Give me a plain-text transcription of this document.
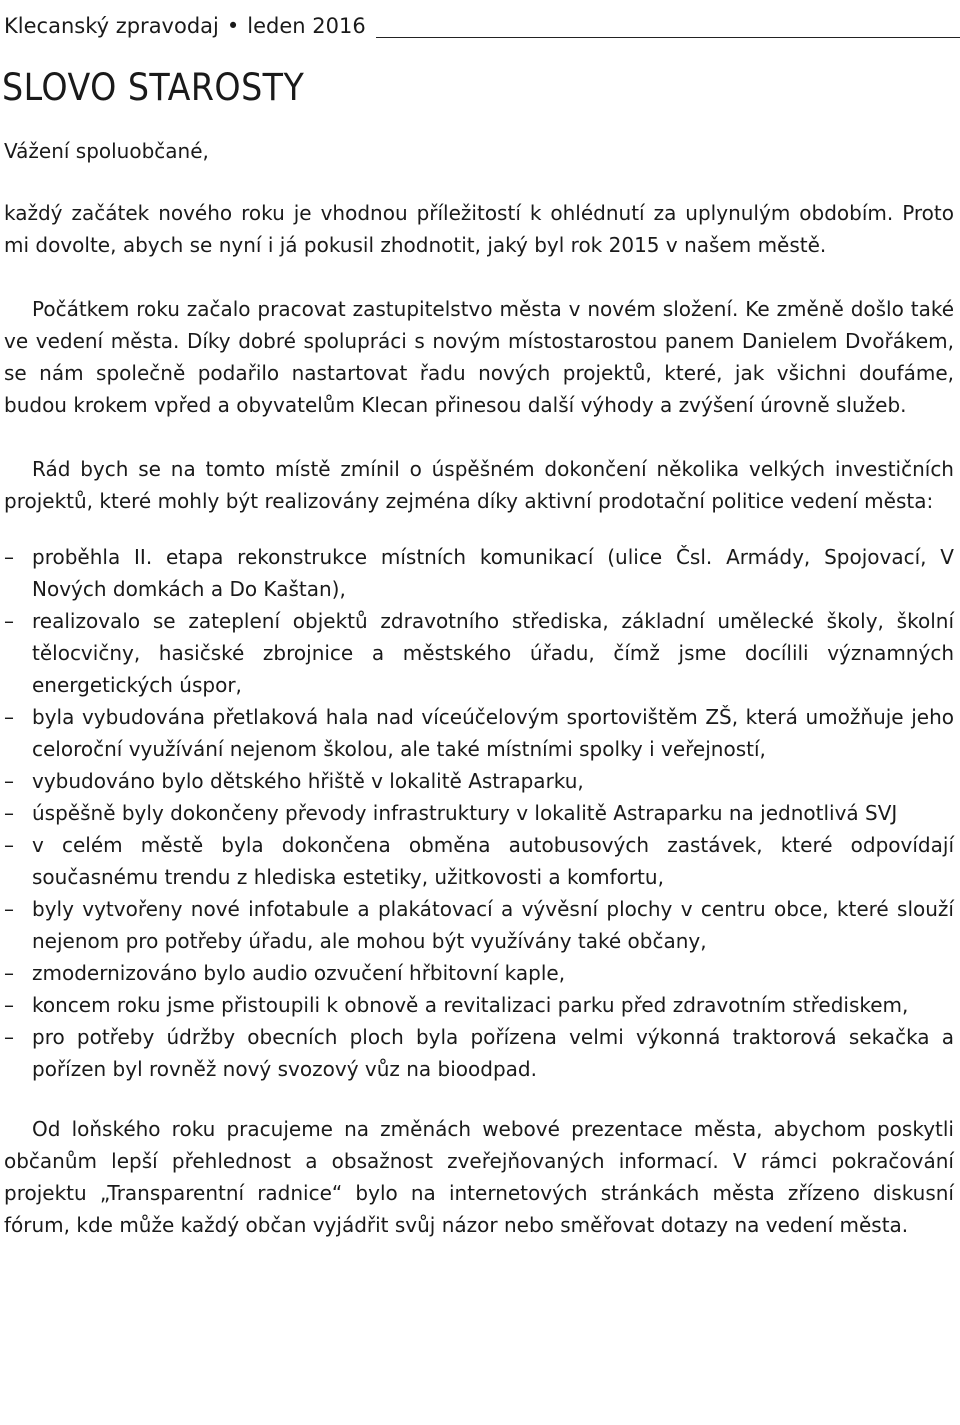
Klecanský zpravodaj • leden 2016
SLOVO STAROSTY

Vážení spoluobčané,

každý začátek nového roku je vhodnou příležitostí k ohlédnutí za uplynulým obdobím. Proto mi dovolte, abych se nyní i já pokusil zhodnotit, jaký byl rok 2015 v našem městě.

Počátkem roku začalo pracovat zastupitelstvo města v novém složení. Ke změně došlo také ve vedení města. Díky dobré spolupráci s novým místostarostou panem Danielem Dvořákem, se nám společně podařilo nastartovat řadu nových projektů, které, jak všichni doufáme, budou krokem vpřed a obyvatelům Klecan přinesou další výhody a zvýšení úrovně služeb.

Rád bych se na tomto místě zmínil o úspěšném dokončení několika velkých investičních projektů, které mohly být realizovány zejména díky aktivní prodotační politice vedení města:

– proběhla II. etapa rekonstrukce místních komunikací (ulice Čsl. Armády, Spojovací, V Nových domkách a Do Kaštan),
– realizovalo se zateplení objektů zdravotního střediska, základní umělecké školy, školní tělocvičny, hasičské zbrojnice a městského úřadu, čímž jsme docílili významných energetických úspor,
– byla vybudována přetlaková hala nad víceúčelovým sportovištěm ZŠ, která umožňuje jeho celoroční využívání nejenom školou, ale také místními spolky i veřejností,
– vybudováno bylo dětského hřiště v lokalitě Astraparku,
– úspěšně byly dokončeny převody infrastruktury v lokalitě Astraparku na jednotlivá SVJ
– v celém městě byla dokončena obměna autobusových zastávek, které odpovídají současnému trendu z hlediska estetiky, užitkovosti a komfortu,
– byly vytvořeny nové infotabule a plakátovací a vývěsní plochy v centru obce, které slouží nejenom pro potřeby úřadu, ale mohou být využívány také občany,
– zmodernizováno bylo audio ozvučení hřbitovní kaple,
– koncem roku jsme přistoupili k obnově a revitalizaci parku před zdravotním střediskem,
– pro potřeby údržby obecních ploch byla pořízena velmi výkonná traktorová sekačka a pořízen byl rovněž nový svozový vůz na bioodpad.

Od loňského roku pracujeme na změnách webové prezentace města, abychom poskytli občanům lepší přehlednost a obsažnost zveřejňovaných informací. V rámci pokračování projektu „Transparentní radnice“ bylo na internetových stránkách města zřízeno diskusní fórum, kde může každý občan vyjádřit svůj názor nebo směřovat dotazy na vedení města.
